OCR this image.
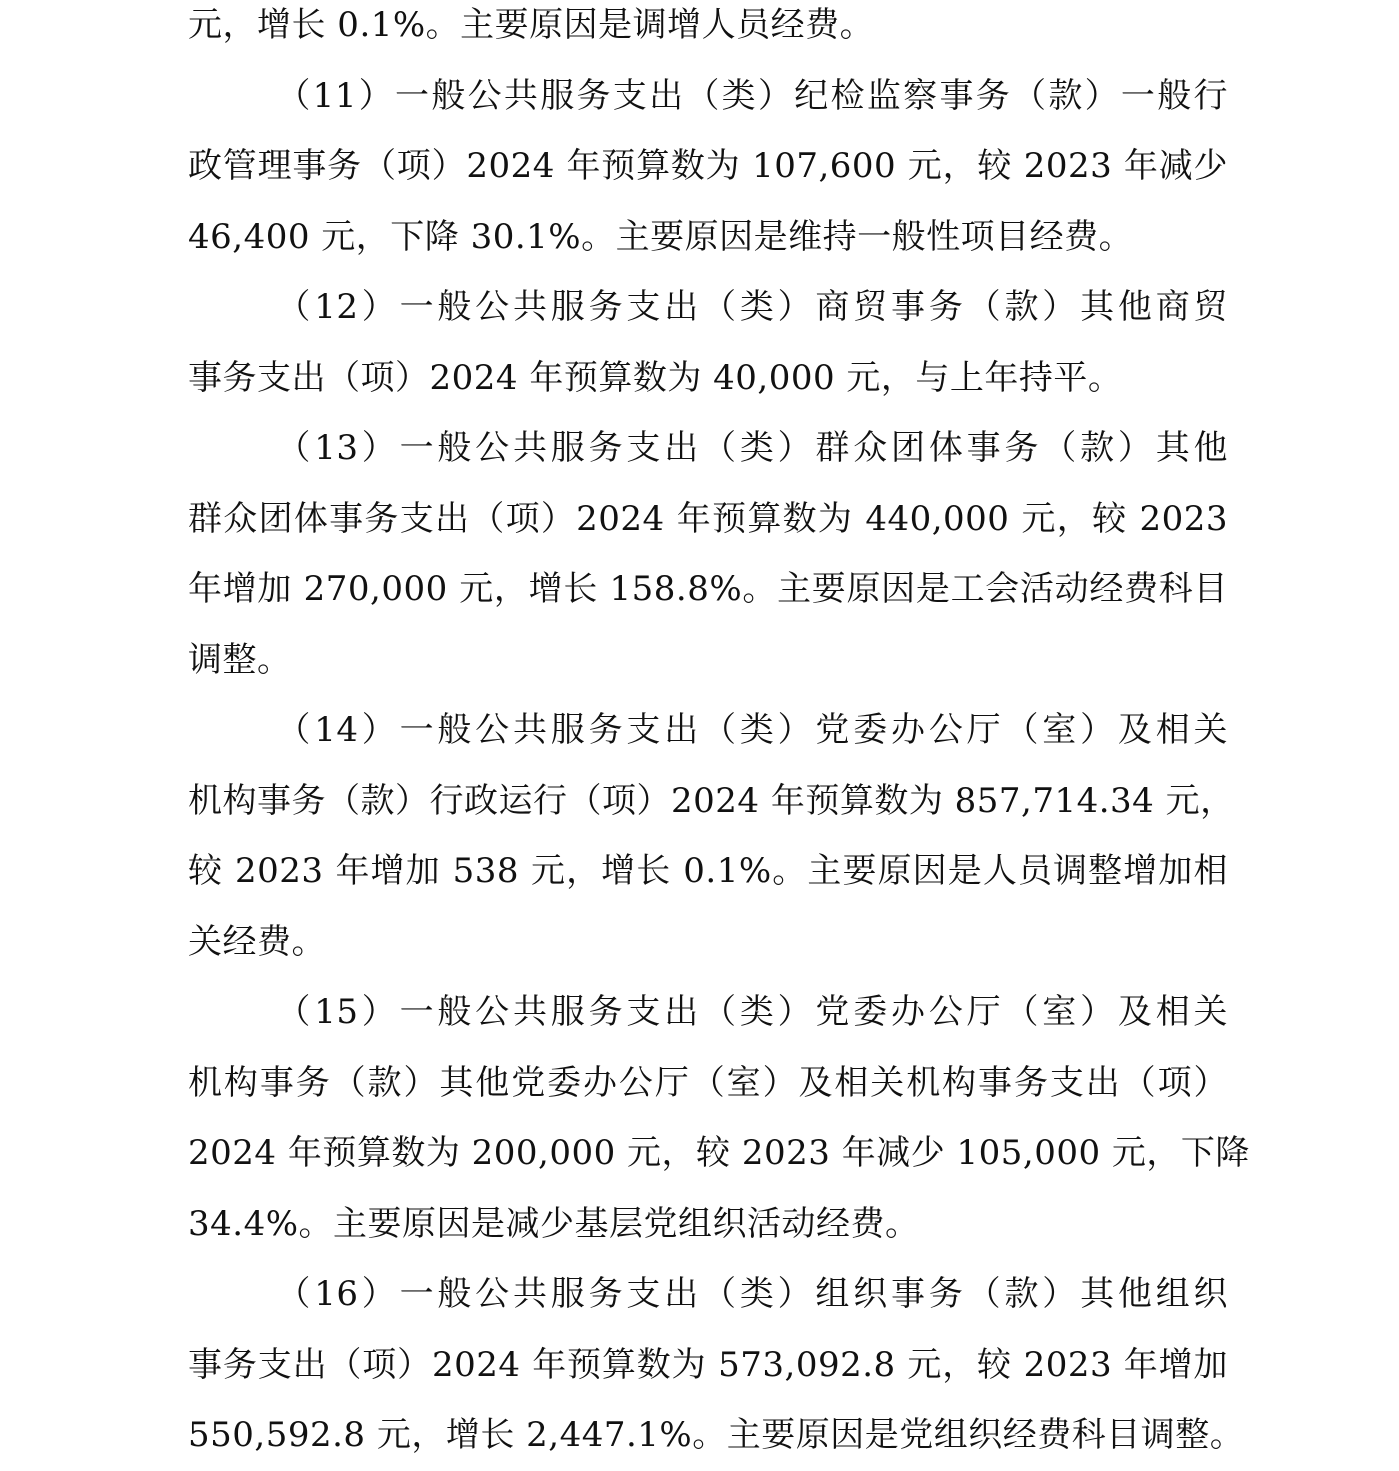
元，增长 0.1%。主要原因是调增人员经费。
（11）一般公共服务支出（类）纪检监察事务（款）一般行
政管理事务（项）2024 年预算数为 107,600 元，较 2023 年减少
46,400 元，下降 30.1%。主要原因是维持一般性项目经费。
（12）一般公共服务支出（类）商贸事务（款）其他商贸
事务支出（项）2024 年预算数为 40,000 元，与上年持平。
（13）一般公共服务支出（类）群众团体事务（款）其他
群众团体事务支出（项）2024 年预算数为 440,000 元，较 2023
年增加 270,000 元，增长 158.8%。主要原因是工会活动经费科目
调整。
（14）一般公共服务支出（类）党委办公厅（室）及相关
机构事务（款）行政运行（项）2024 年预算数为 857,714.34 元，
较 2023 年增加 538 元，增长 0.1%。主要原因是人员调整增加相
关经费。
（15）一般公共服务支出（类）党委办公厅（室）及相关
机构事务（款）其他党委办公厅（室）及相关机构事务支出（项）
2024 年预算数为 200,000 元，较 2023 年减少 105,000 元，下降
34.4%。主要原因是减少基层党组织活动经费。
（16）一般公共服务支出（类）组织事务（款）其他组织
事务支出（项）2024 年预算数为 573,092.8 元，较 2023 年增加
550,592.8 元，增长 2,447.1%。主要原因是党组织经费科目调整。
